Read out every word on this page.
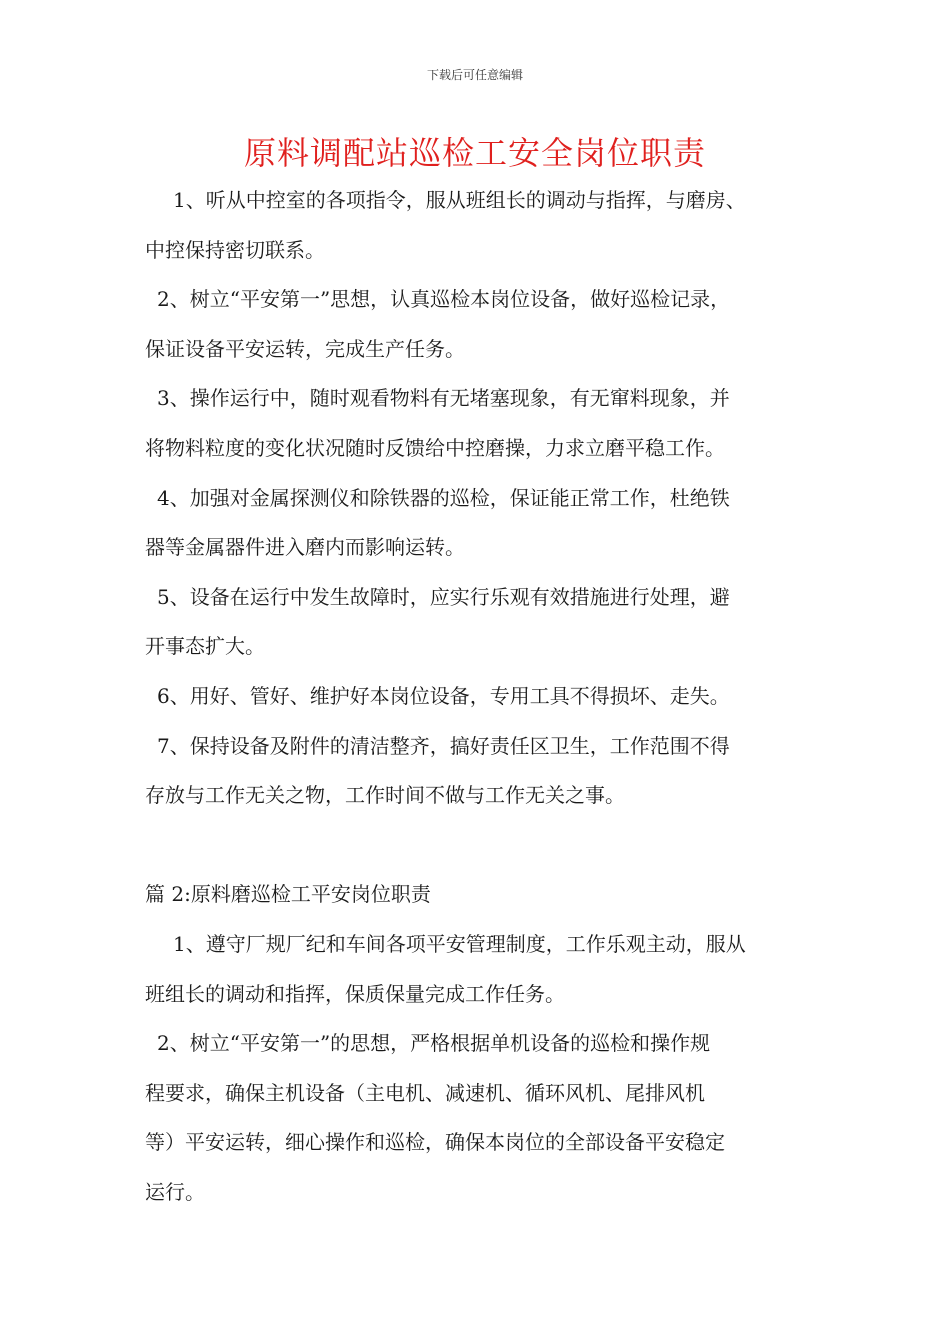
下载后可任意编辑
原料调配站巡检工安全岗位职责
1、听从中控室的各项指令，服从班组长的调动与指挥，与磨房、
中控保持密切联系。
2、树立“平安第一”思想，认真巡检本岗位设备，做好巡检记录，
保证设备平安运转，完成生产任务。
3、操作运行中，随时观看物料有无堵塞现象，有无窜料现象，并
将物料粒度的变化状况随时反馈给中控磨操，力求立磨平稳工作。
4、加强对金属探测仪和除铁器的巡检，保证能正常工作，杜绝铁
器等金属器件进入磨内而影响运转。
5、设备在运行中发生故障时，应实行乐观有效措施进行处理，避
开事态扩大。
6、用好、管好、维护好本岗位设备，专用工具不得损坏、走失。
7、保持设备及附件的清洁整齐，搞好责任区卫生，工作范围不得
存放与工作无关之物，工作时间不做与工作无关之事。
篇 2:原料磨巡检工平安岗位职责
1、遵守厂规厂纪和车间各项平安管理制度，工作乐观主动，服从
班组长的调动和指挥，保质保量完成工作任务。
2、树立“平安第一”的思想，严格根据单机设备的巡检和操作规
程要求，确保主机设备（主电机、减速机、循环风机、尾排风机
等）平安运转，细心操作和巡检，确保本岗位的全部设备平安稳定
运行。
